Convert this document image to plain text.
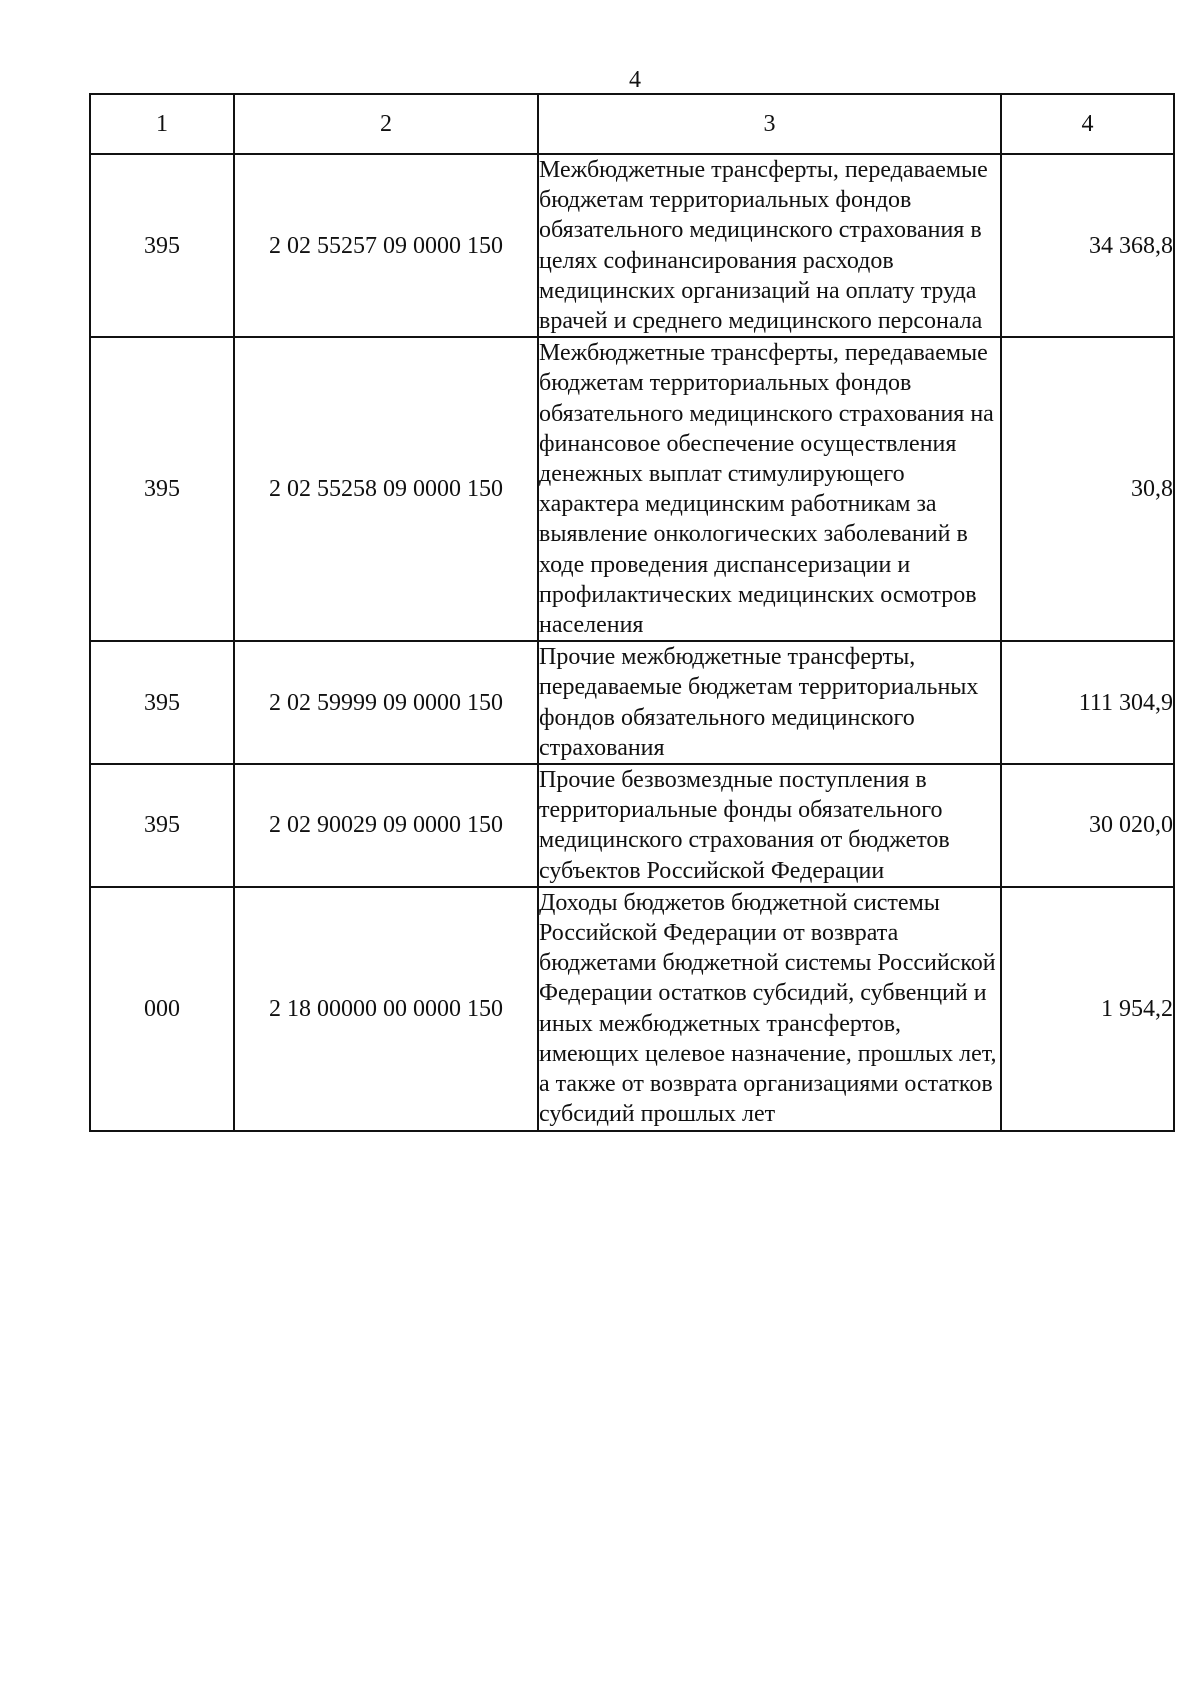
4
1	2	3	4
395	2 02 55257 09 0000 150	Межбюджетные трансферты, передаваемые бюджетам территориальных фондов обязательного медицинского страхования в целях софинансирования расходов медицинских организаций на оплату труда врачей и среднего медицинского персонала	34 368,8
395	2 02 55258 09 0000 150	Межбюджетные трансферты, передаваемые бюджетам территориальных фондов обязательного медицинского страхования на финансовое обеспечение осуществления денежных выплат стимулирующего характера медицинским работникам за выявление онкологических заболеваний в ходе проведения диспансеризации и профилактических медицинских осмотров населения	30,8
395	2 02 59999 09 0000 150	Прочие межбюджетные трансферты, передаваемые бюджетам территориальных фондов обязательного медицинского страхования	111 304,9
395	2 02 90029 09 0000 150	Прочие безвозмездные поступления в территориальные фонды обязательного медицинского страхования от бюджетов субъектов Российской Федерации	30 020,0
000	2 18 00000 00 0000 150	Доходы бюджетов бюджетной системы Российской Федерации от возврата бюджетами бюджетной системы Российской Федерации остатков субсидий, субвенций и иных межбюджетных трансфертов, имеющих целевое назначение, прошлых лет, а также от возврата организациями остатков субсидий прошлых лет	1 954,2
